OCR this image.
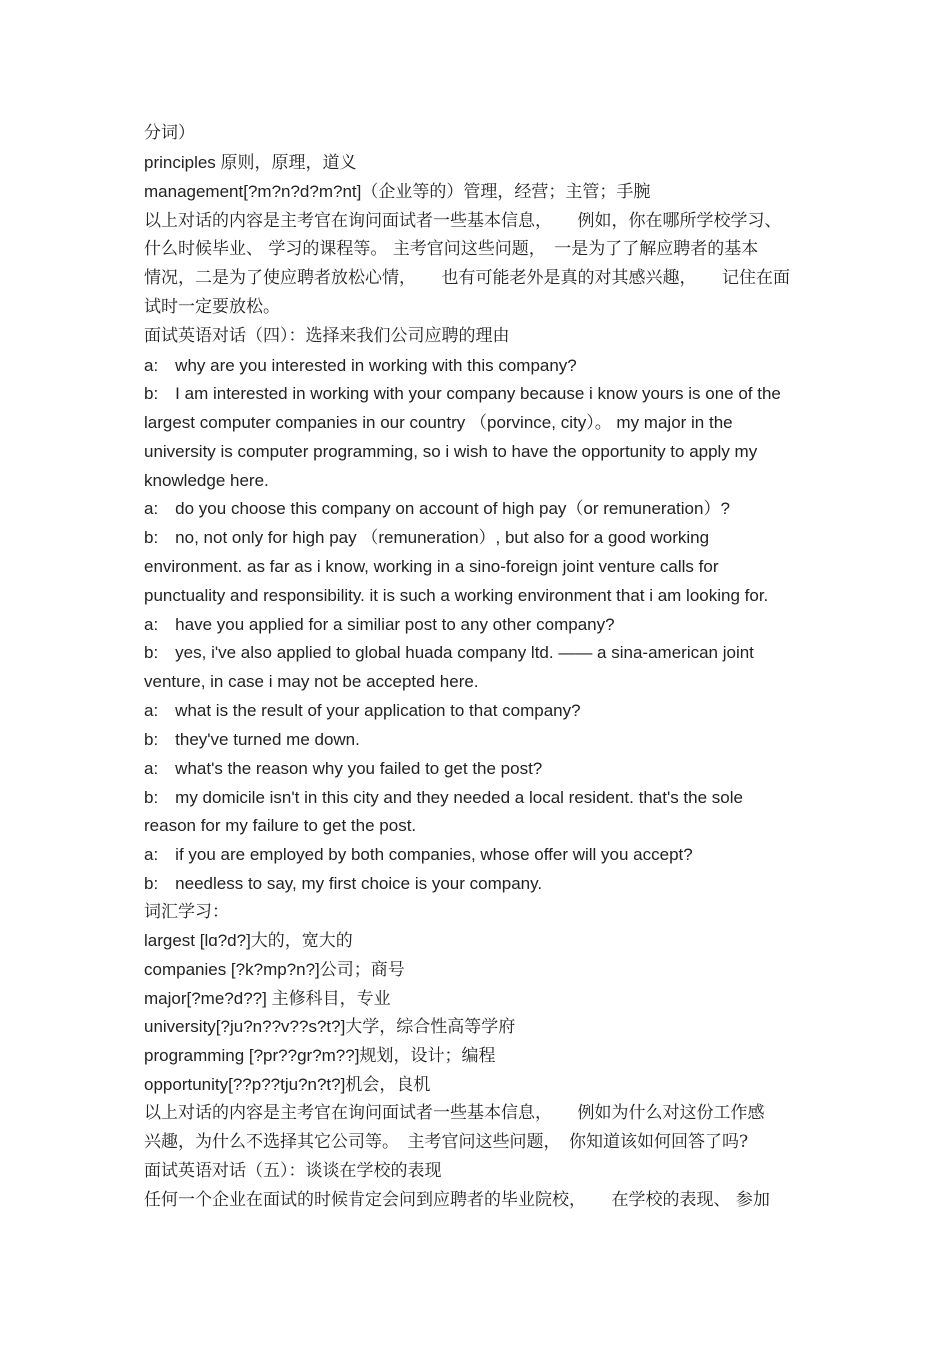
分词）
principles 原则，原理，道义
management[?m?n?d?m?nt]（企业等的）管理，经营；主管；手腕
以上对话的内容是主考官在询问面试者一些基本信息，　　例如，你在哪所学校学习、
什么时候毕业、 学习的课程等。 主考官问这些问题，　一是为了了解应聘者的基本
情况，二是为了使应聘者放松心情，　　也有可能老外是真的对其感兴趣，　　记住在面
试时一定要放松。
面试英语对话（四）：选择来我们公司应聘的理由
a:　why are you interested in working with this company?
b:　I am interested in working with your company because i know yours is one of the
largest computer companies in our country （porvince, city）。 my major in the
university is computer programming, so i wish to have the opportunity to apply my
knowledge here.
a:　do you choose this company on account of high pay（or remuneration）?
b:　no, not only for high pay （remuneration）, but also for a good working
environment. as far as i know, working in a sino-foreign joint venture calls for
punctuality and responsibility. it is such a working environment that i am looking for.
a:　have you applied for a similiar post to any other company?
b:　yes, i've also applied to global huada company ltd. —— a sina-american joint
venture, in case i may not be accepted here.
a:　what is the result of your application to that company?
b:　they've turned me down.
a:　what's the reason why you failed to get the post?
b:　my domicile isn't in this city and they needed a local resident. that's the sole
reason for my failure to get the post.
a:　if you are employed by both companies, whose offer will you accept?
b:　needless to say, my first choice is your company.
词汇学习：
largest [lɑ?d?]大的，宽大的
companies [?k?mp?n?]公司；商号
major[?me?d??] 主修科目，专业
university[?ju?n??v??s?t?]大学，综合性高等学府
programming [?pr??ɡr?m??]规划，设计；编程
opportunity[??p??tju?n?t?]机会，良机
以上对话的内容是主考官在询问面试者一些基本信息，　　例如为什么对这份工作感
兴趣，为什么不选择其它公司等。　主考官问这些问题，　你知道该如何回答了吗?
面试英语对话（五）：谈谈在学校的表现
任何一个企业在面试的时候肯定会问到应聘者的毕业院校，　　在学校的表现、 参加
